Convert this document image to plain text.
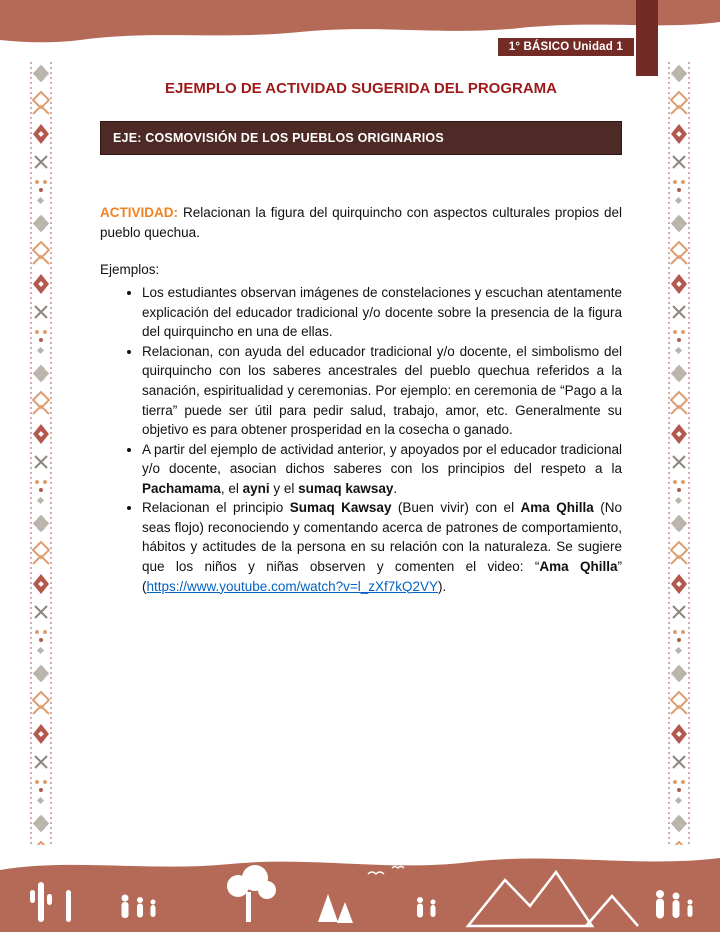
1° BÁSICO Unidad 1
EJEMPLO DE ACTIVIDAD SUGERIDA DEL PROGRAMA
EJE: COSMOVISIÓN DE LOS PUEBLOS ORIGINARIOS

ACTIVIDAD: Relacionan la figura del quirquincho con aspectos culturales propios del pueblo quechua.

Ejemplos:

• Los estudiantes observan imágenes de constelaciones y escuchan atentamente explicación del educador tradicional y/o docente sobre la presencia de la figura del quirquincho en una de ellas.
• Relacionan, con ayuda del educador tradicional y/o docente, el simbolismo del quirquincho con los saberes ancestrales del pueblo quechua referidos a la sanación, espiritualidad y ceremonias. Por ejemplo: en ceremonia de “Pago a la tierra” puede ser útil para pedir salud, trabajo, amor, etc. Generalmente su objetivo es para obtener prosperidad en la cosecha o ganado.
• A partir del ejemplo de actividad anterior, y apoyados por el educador tradicional y/o docente, asocian dichos saberes con los principios del respeto a la Pachamama, el ayni y el sumaq kawsay.
• Relacionan el principio Sumaq Kawsay (Buen vivir) con el Ama Qhilla (No seas flojo) reconociendo y comentando acerca de patrones de comportamiento, hábitos y actitudes de la persona en su relación con la naturaleza. Se sugiere que los niños y niñas observen y comenten el video: “Ama Qhilla” (https://www.youtube.com/watch?v=l_zXf7kQ2VY).
